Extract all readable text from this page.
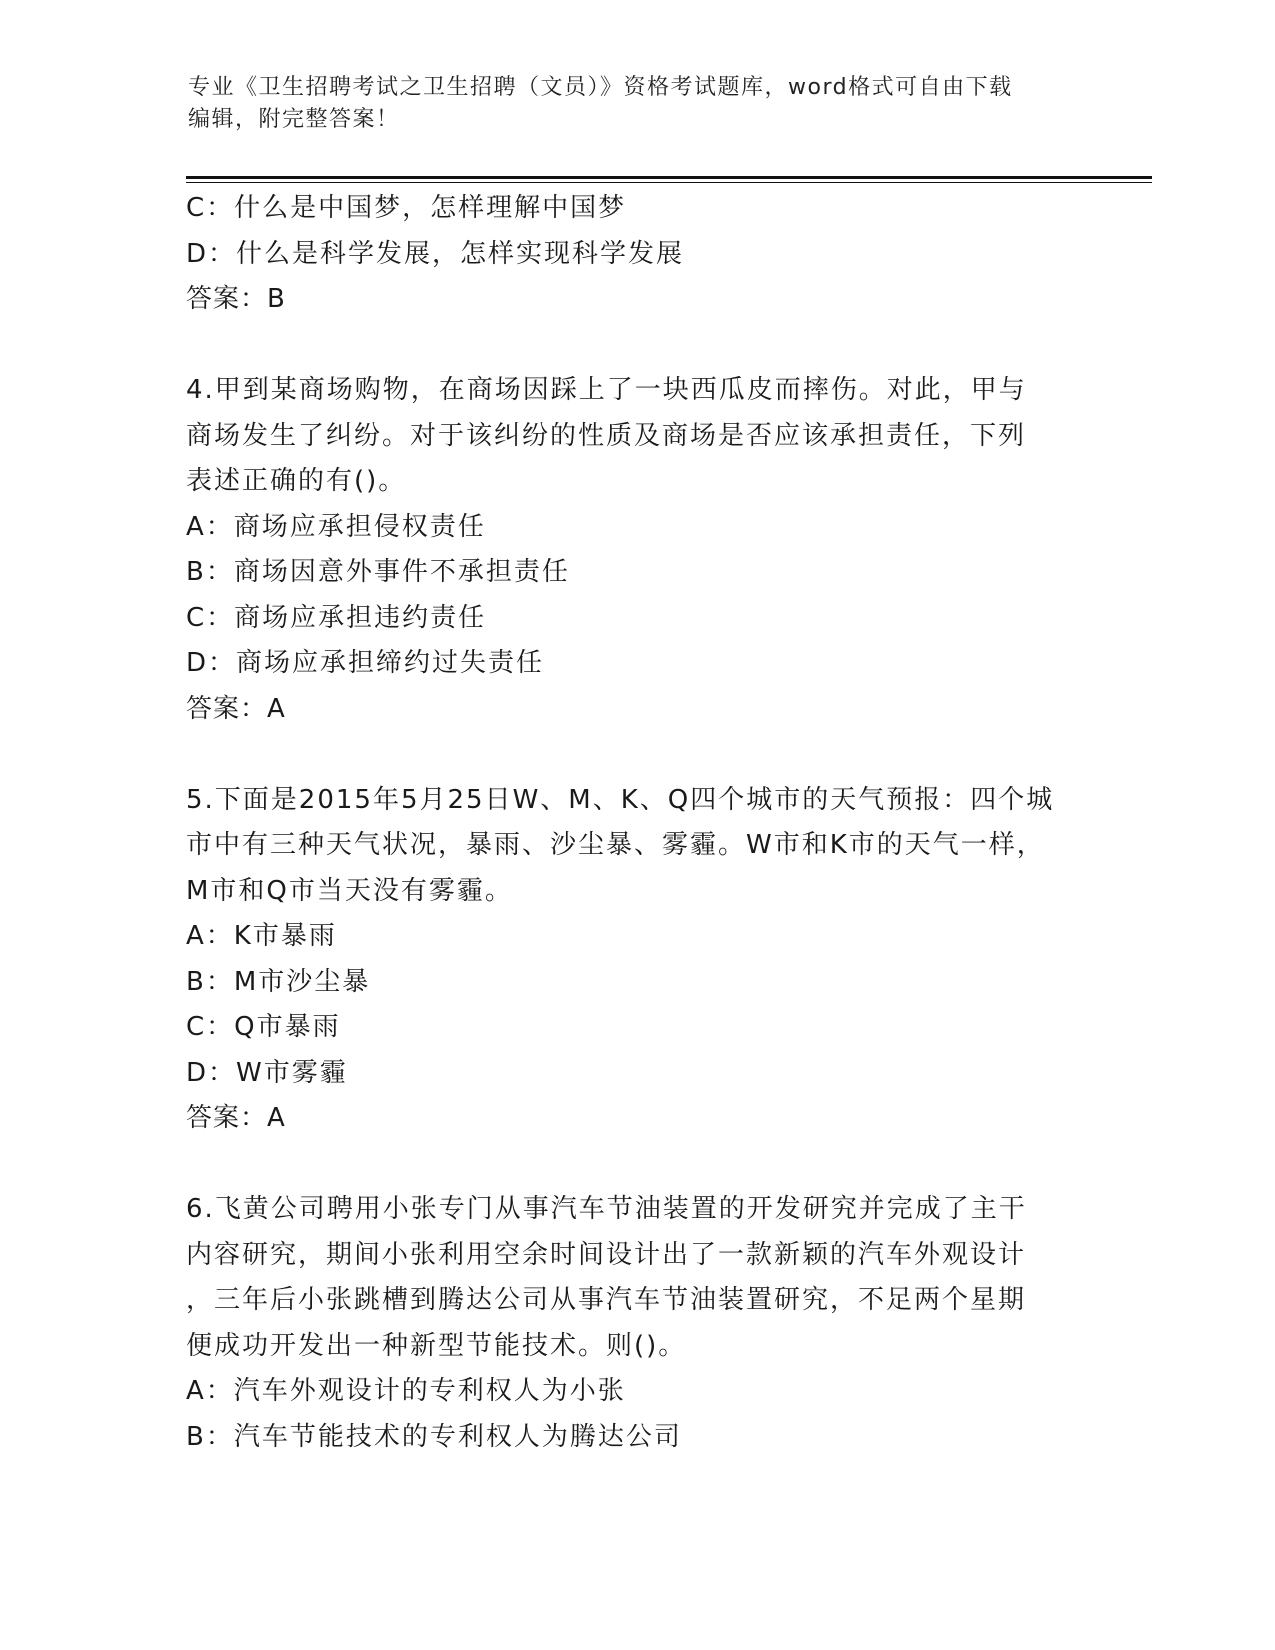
专业《卫生招聘考试之卫生招聘（文员）》资格考试题库，word格式可自由下载
编辑，附完整答案！
C：什么是中国梦，怎样理解中国梦
D：什么是科学发展，怎样实现科学发展
答案：B
4.甲到某商场购物，在商场因踩上了一块西瓜皮而摔伤。对此，甲与
商场发生了纠纷。对于该纠纷的性质及商场是否应该承担责任，下列
表述正确的有()。
A：商场应承担侵权责任
B：商场因意外事件不承担责任
C：商场应承担违约责任
D：商场应承担缔约过失责任
答案：A
5.下面是2015年5月25日W、M、K、Q四个城市的天气预报：四个城
市中有三种天气状况，暴雨、沙尘暴、雾霾。W市和K市的天气一样，
M市和Q市当天没有雾霾。
A：K市暴雨
B：M市沙尘暴
C：Q市暴雨
D：W市雾霾
答案：A
6.飞黄公司聘用小张专门从事汽车节油装置的开发研究并完成了主干
内容研究，期间小张利用空余时间设计出了一款新颖的汽车外观设计
，三年后小张跳槽到腾达公司从事汽车节油装置研究，不足两个星期
便成功开发出一种新型节能技术。则()。
A：汽车外观设计的专利权人为小张
B：汽车节能技术的专利权人为腾达公司
